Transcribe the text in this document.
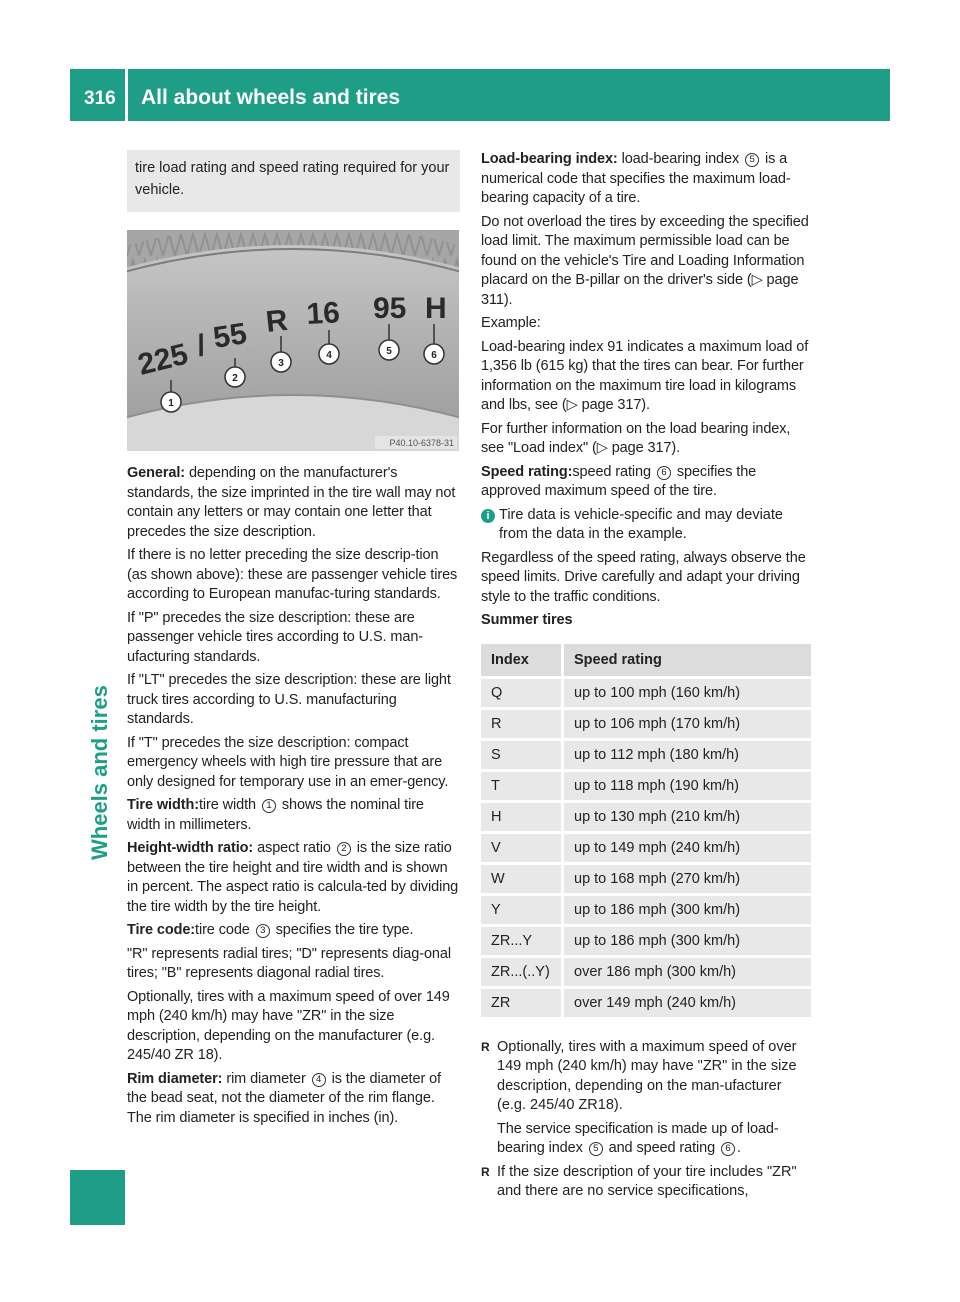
316 All about wheels and tires
Wheels and tires
tire load rating and speed rating required for your vehicle.
225 / 55 R 16 95 H
1
2
3
4	5	6
P40.10-6378-31

General: depending on the manufacturer's standards, the size imprinted in the tire wall may not contain any letters or may contain one letter that precedes the size description.

If there is no letter preceding the size descrip-tion (as shown above): these are passenger vehicle tires according to European manufac-turing standards.

If "P" precedes the size description: these are passenger vehicle tires according to U.S. man-ufacturing standards.

If "LT" precedes the size description: these are light truck tires according to U.S. manufacturing standards.

If "T" precedes the size description: compact emergency wheels with high tire pressure that are only designed for temporary use in an emer-gency.

Tire width:tire width 1 shows the nominal tire width in millimeters.

Height-width ratio: aspect ratio 2 is the size ratio between the tire height and tire width and is shown in percent. The aspect ratio is calcula-ted by dividing the tire width by the tire height.

Tire code:tire code 3 specifies the tire type.

"R" represents radial tires; "D" represents diag-onal tires; "B" represents diagonal radial tires.

Optionally, tires with a maximum speed of over 149 mph (240 km/h) may have "ZR" in the size description, depending on the manufacturer (e.g. 245/40 ZR 18).

Rim diameter: rim diameter 4 is the diameter of the bead seat, not the diameter of the rim flange. The rim diameter is specified in inches (in).

Load-bearing index: load-bearing index 5 is a numerical code that specifies the maximum load-bearing capacity of a tire.

Do not overload the tires by exceeding the specified load limit. The maximum permissible load can be found on the vehicle's Tire and Loading Information placard on the B-pillar on the driver's side (▷ page 311).

Example:

Load-bearing index 91 indicates a maximum load of 1,356 lb (615 kg) that the tires can bear. For further information on the maximum tire load in kilograms and lbs, see (▷ page 317).

For further information on the load bearing index, see "Load index" (▷ page 317).

Speed rating:speed rating 6 specifies the approved maximum speed of the tire.

i Tire data is vehicle-specific and may deviate from the data in the example.

Regardless of the speed rating, always observe the speed limits. Drive carefully and adapt your driving style to the traffic conditions.

Summer tires

Index	Speed rating
Q	up to 100 mph (160 km/h)
R	up to 106 mph (170 km/h)
S	up to 112 mph (180 km/h)
T	up to 118 mph (190 km/h)
H	up to 130 mph (210 km/h)
V	up to 149 mph (240 km/h)
W	up to 168 mph (270 km/h)
Y	up to 186 mph (300 km/h)
ZR...Y	up to 186 mph (300 km/h)
ZR...(..Y)	over 186 mph (300 km/h)
ZR	over 149 mph (240 km/h)
R Optionally, tires with a maximum speed of over 149 mph (240 km/h) may have "ZR" in the size description, depending on the man-ufacturer (e.g. 245/40 ZR18).

The service specification is made up of load-bearing index 5 and speed rating 6 .

R If the size description of your tire includes "ZR" and there are no service specifications,
